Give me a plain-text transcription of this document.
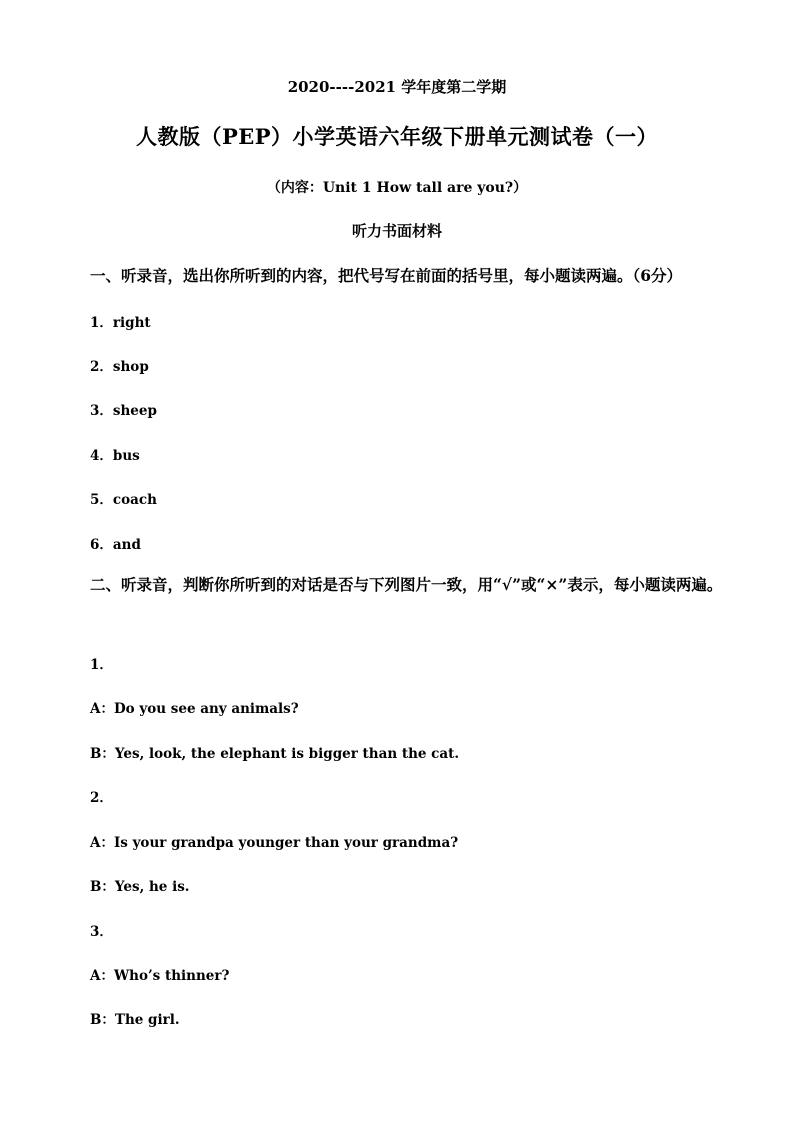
2020----2021 学年度第二学期
人教版（PEP）小学英语六年级下册单元测试卷（一）
（内容：Unit 1 How tall are you?）
听力书面材料
一、听录音，选出你所听到的内容，把代号写在前面的括号里，每小题读两遍。（6分）
1．right
2．shop
3．sheep
4．bus
5．coach
6．and
二、听录音，判断你所听到的对话是否与下列图片一致，用“√”或“×”表示，每小题读两遍。
1．
A：Do you see any animals?
B：Yes, look, the elephant is bigger than the cat.
2．
A：Is your grandpa younger than your grandma?
B：Yes, he is.
3．
A：Who’s thinner?
B：The girl.
